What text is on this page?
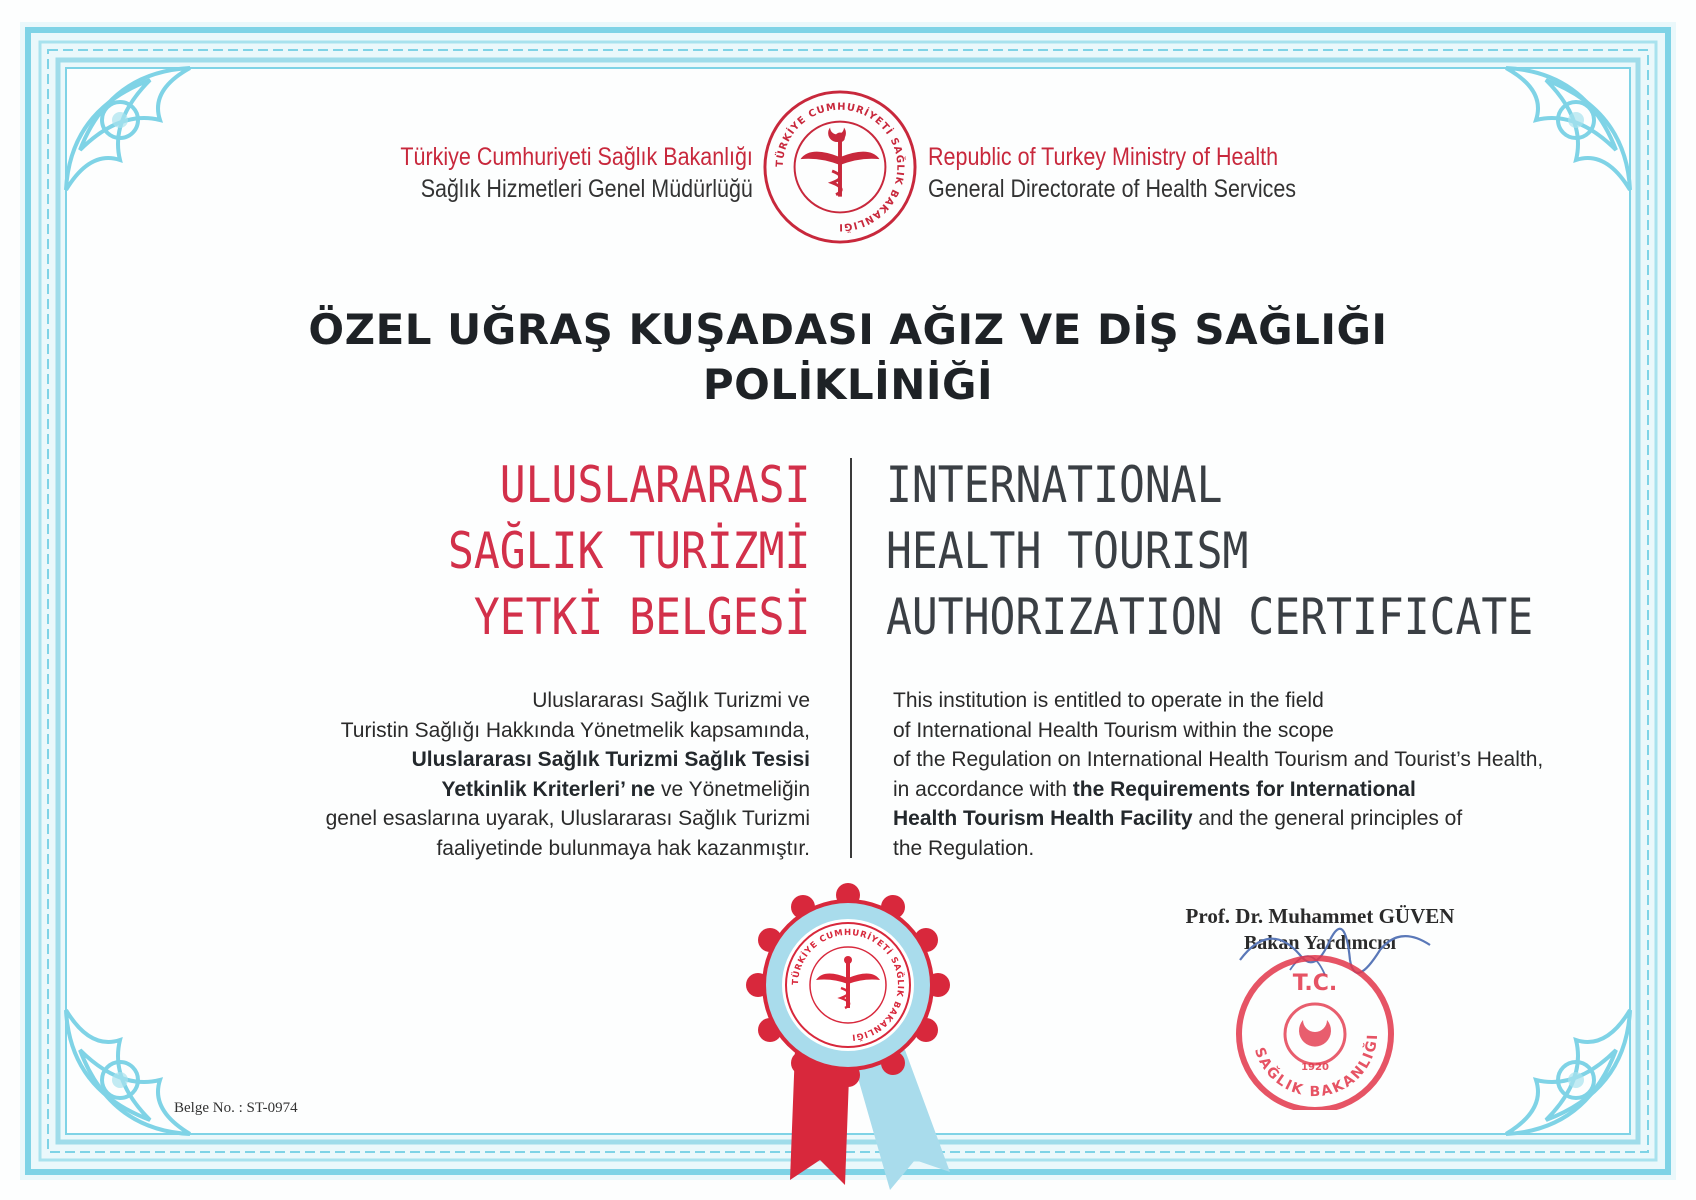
Türkiye Cumhuriyeti Sağlık Bakanlığı
Sağlık Hizmetleri Genel Müdürlüğü
TÜRKİYE CUMHURİYETİ SAĞLIK BAKANLIĞI
Republic of Turkey Ministry of Health
General Directorate of Health Services
ÖZEL UĞRAŞ KUŞADASI AĞIZ VE DİŞ SAĞLIĞI
POLİKLİNİĞİ
ULUSLARARASI
SAĞLIK TURİZMİ
YETKİ BELGESİ
INTERNATIONAL
HEALTH TOURISM
AUTHORIZATION CERTIFICATE
Uluslararası Sağlık Turizmi ve
Turistin Sağlığı Hakkında Yönetmelik kapsamında,
Uluslararası Sağlık Turizmi Sağlık Tesisi
Yetkinlik Kriterleri’ ne ve Yönetmeliğin
genel esaslarına uyarak, Uluslararası Sağlık Turizmi
faaliyetinde bulunmaya hak kazanmıştır.
This institution is entitled to operate in the field
of International Health Tourism within the scope
of the Regulation on International Health Tourism and Tourist’s Health,
in accordance with the Requirements for International
Health Tourism Health Facility and the general principles of
the Regulation.
TÜRKİYE CUMHURİYETİ SAĞLIK BAKANLIĞI
Prof. Dr. Muhammet GÜVEN
Bakan Yardımcısı
T.C.
1920
SAĞLIK BAKANLIĞI
Belge No. : ST-0974
